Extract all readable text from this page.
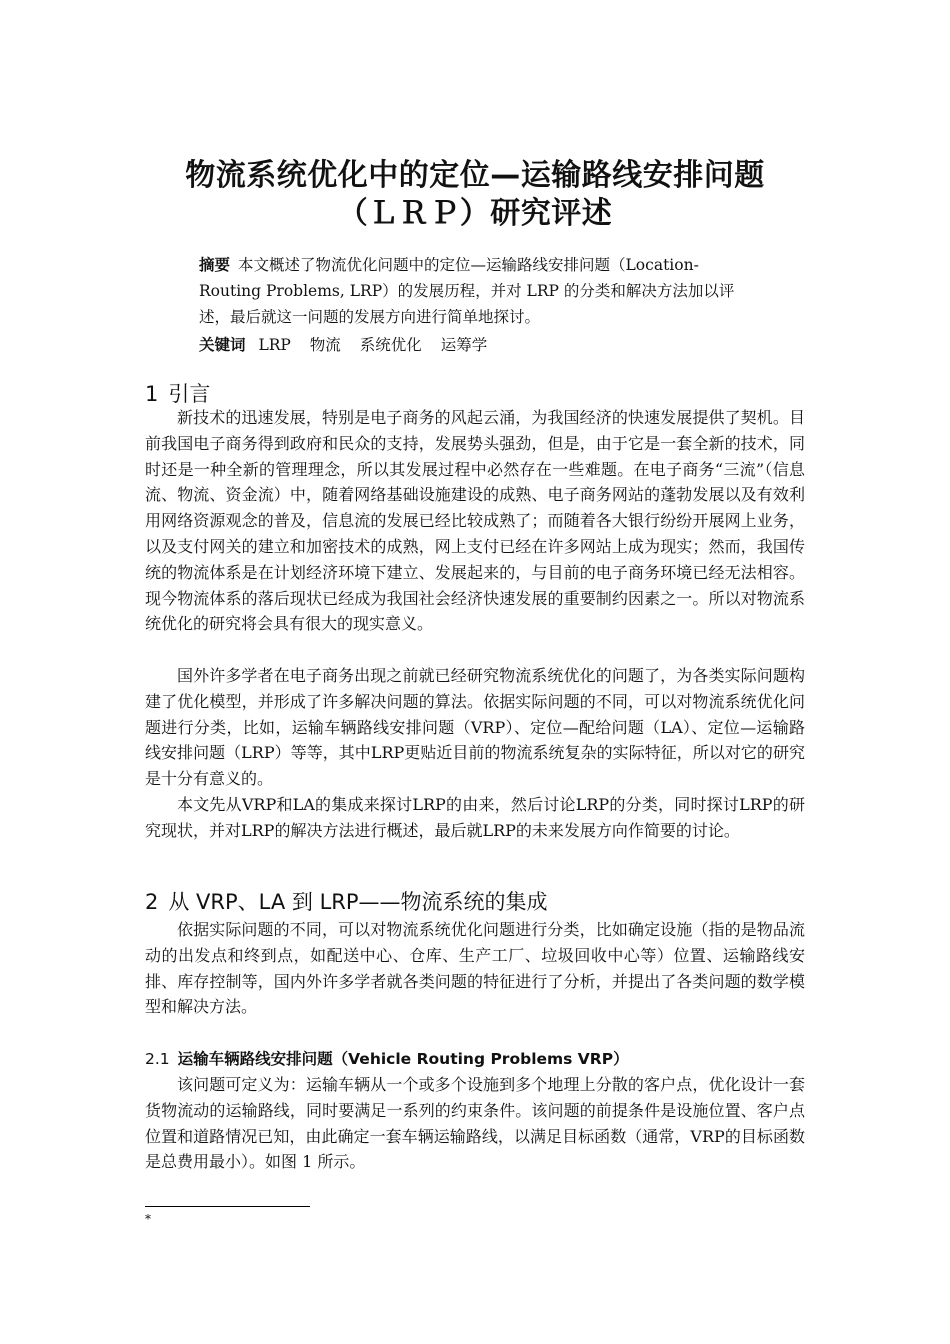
物流系统优化中的定位—运输路线安排问题
（ＬＲＰ）研究评述
摘要 本文概述了物流优化问题中的定位—运输路线安排问题（Location-Routing Problems, LRP）的发展历程，并对 LRP 的分类和解决方法加以评述，最后就这一问题的发展方向进行简单地探讨。
关键词 LRP 物流 系统优化 运筹学
1 引言
新技术的迅速发展，特别是电子商务的风起云涌，为我国经济的快速发展提供了契机。目前我国电子商务得到政府和民众的支持，发展势头强劲，但是，由于它是一套全新的技术，同时还是一种全新的管理理念，所以其发展过程中必然存在一些难题。在电子商务“三流”（信息流、物流、资金流）中，随着网络基础设施建设的成熟、电子商务网站的蓬勃发展以及有效利用网络资源观念的普及，信息流的发展已经比较成熟了；而随着各大银行纷纷开展网上业务，以及支付网关的建立和加密技术的成熟，网上支付已经在许多网站上成为现实；然而，我国传统的物流体系是在计划经济环境下建立、发展起来的，与目前的电子商务环境已经无法相容。现今物流体系的落后现状已经成为我国社会经济快速发展的重要制约因素之一。所以对物流系统优化的研究将会具有很大的现实意义。
国外许多学者在电子商务出现之前就已经研究物流系统优化的问题了，为各类实际问题构建了优化模型，并形成了许多解决问题的算法。依据实际问题的不同，可以对物流系统优化问题进行分类，比如，运输车辆路线安排问题（VRP）、定位—配给问题（LA）、定位—运输路线安排问题（LRP）等等，其中LRP更贴近目前的物流系统复杂的实际特征，所以对它的研究是十分有意义的。
本文先从VRP和LA的集成来探讨LRP的由来，然后讨论LRP的分类，同时探讨LRP的研究现状，并对LRP的解决方法进行概述，最后就LRP的未来发展方向作简要的讨论。
2 从 VRP、LA 到 LRP——物流系统的集成
依据实际问题的不同，可以对物流系统优化问题进行分类，比如确定设施（指的是物品流动的出发点和终到点，如配送中心、仓库、生产工厂、垃圾回收中心等）位置、运输路线安排、库存控制等，国内外许多学者就各类问题的特征进行了分析，并提出了各类问题的数学模型和解决方法。
2.1 运输车辆路线安排问题（Vehicle Routing Problems VRP）
该问题可定义为：运输车辆从一个或多个设施到多个地理上分散的客户点，优化设计一套货物流动的运输路线，同时要满足一系列的约束条件。该问题的前提条件是设施位置、客户点位置和道路情况已知，由此确定一套车辆运输路线，以满足目标函数（通常，VRP的目标函数是总费用最小）。如图 1 所示。
*
